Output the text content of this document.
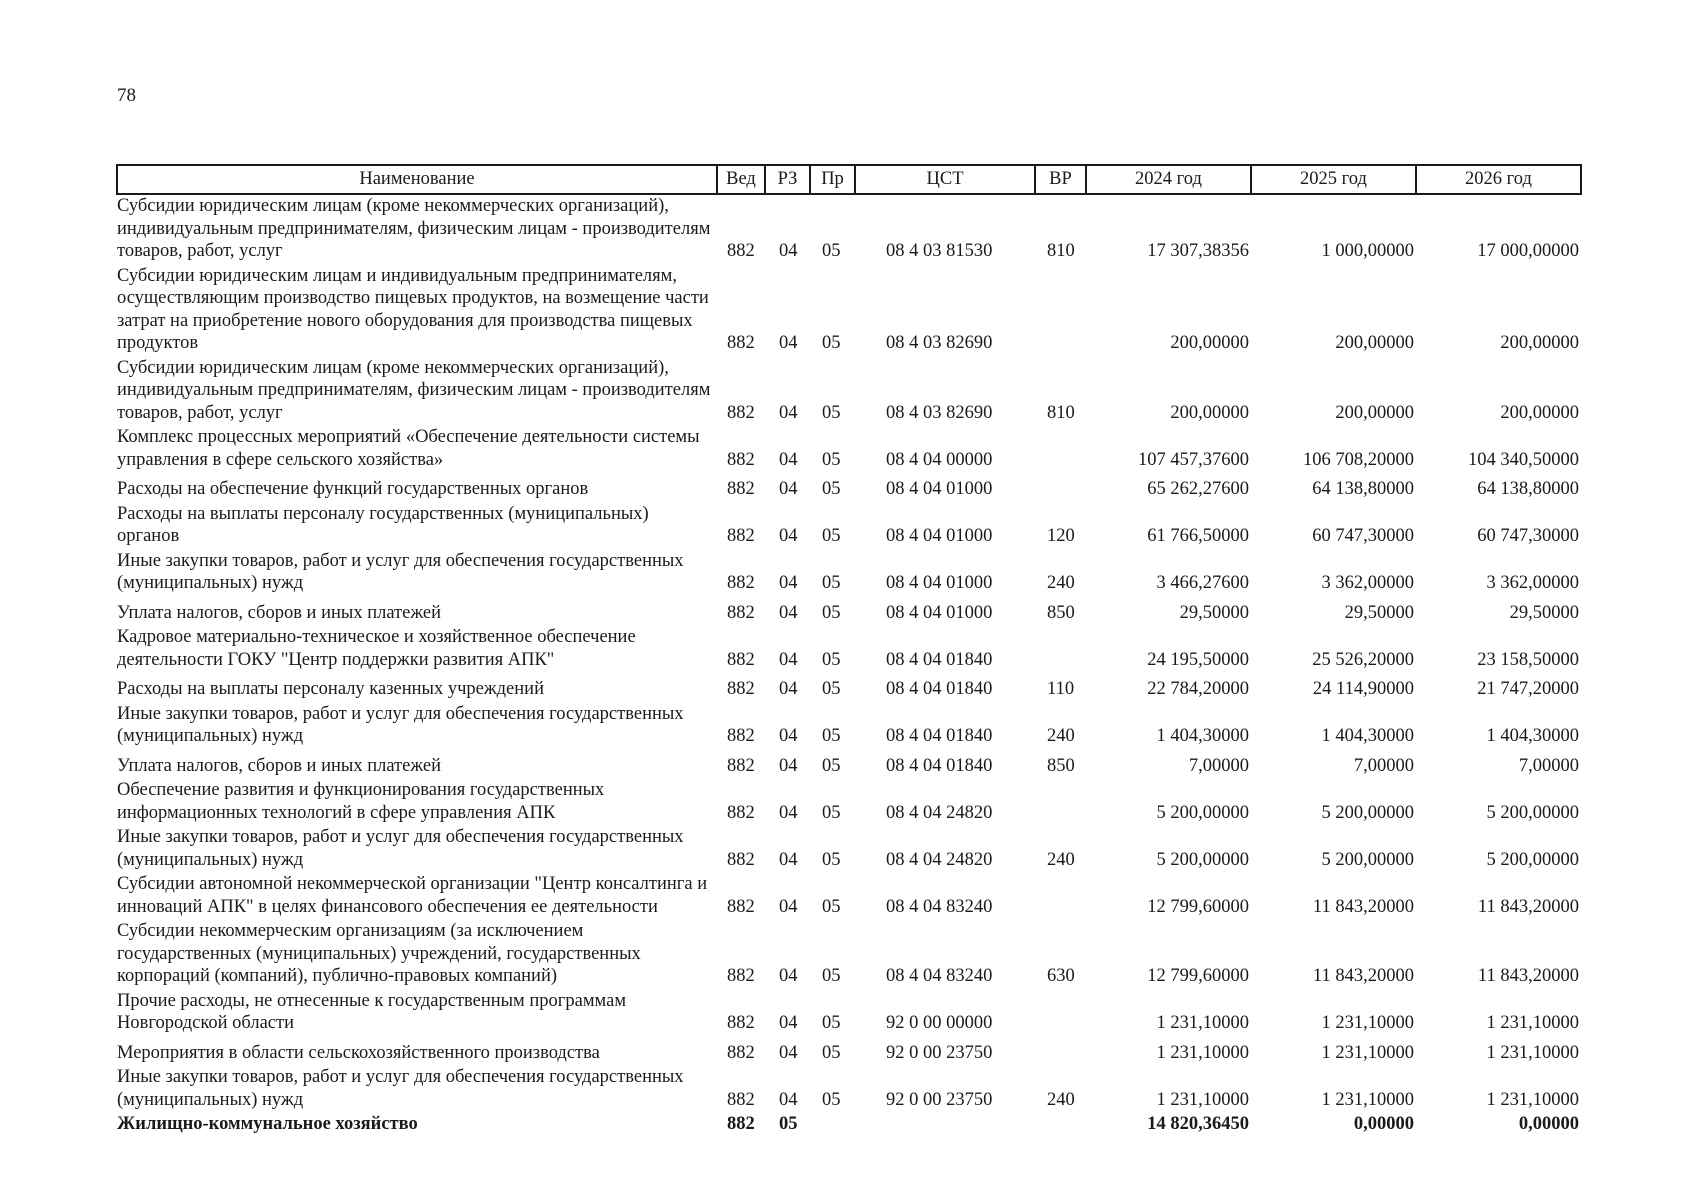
78
Наименование	Вед	РЗ	Пр	ЦСТ	ВР	2024 год	2025 год	2026 год
Субсидии юридическим лицам (кроме некоммерческих организаций), индивидуальным предпринимателям, физическим лицам - производителям товаров, работ, услуг	882	04	05	08 4 03 81530	810	17 307,38356	1 000,00000	17 000,00000
Субсидии юридическим лицам и индивидуальным предпринимателям, осуществляющим производство пищевых продуктов, на возмещение части затрат на приобретение нового оборудования для производства пищевых продуктов	882	04	05	08 4 03 82690		200,00000	200,00000	200,00000
Субсидии юридическим лицам (кроме некоммерческих организаций), индивидуальным предпринимателям, физическим лицам - производителям товаров, работ, услуг	882	04	05	08 4 03 82690	810	200,00000	200,00000	200,00000
Комплекс процессных мероприятий «Обеспечение деятельности системы управления в сфере сельского хозяйства»	882	04	05	08 4 04 00000		107 457,37600	106 708,20000	104 340,50000
Расходы на обеспечение функций государственных органов	882	04	05	08 4 04 01000		65 262,27600	64 138,80000	64 138,80000
Расходы на выплаты персоналу государственных (муниципальных) органов	882	04	05	08 4 04 01000	120	61 766,50000	60 747,30000	60 747,30000
Иные закупки товаров, работ и услуг для обеспечения государственных (муниципальных) нужд	882	04	05	08 4 04 01000	240	3 466,27600	3 362,00000	3 362,00000
Уплата налогов, сборов и иных платежей	882	04	05	08 4 04 01000	850	29,50000	29,50000	29,50000
Кадровое материально-техническое и хозяйственное обеспечение деятельности ГОКУ "Центр поддержки развития АПК"	882	04	05	08 4 04 01840		24 195,50000	25 526,20000	23 158,50000
Расходы на выплаты персоналу казенных учреждений	882	04	05	08 4 04 01840	110	22 784,20000	24 114,90000	21 747,20000
Иные закупки товаров, работ и услуг для обеспечения государственных (муниципальных) нужд	882	04	05	08 4 04 01840	240	1 404,30000	1 404,30000	1 404,30000
Уплата налогов, сборов и иных платежей	882	04	05	08 4 04 01840	850	7,00000	7,00000	7,00000
Обеспечение развития и функционирования государственных информационных технологий в сфере управления АПК	882	04	05	08 4 04 24820		5 200,00000	5 200,00000	5 200,00000
Иные закупки товаров, работ и услуг для обеспечения государственных (муниципальных) нужд	882	04	05	08 4 04 24820	240	5 200,00000	5 200,00000	5 200,00000
Субсидии автономной некоммерческой организации "Центр консалтинга и инноваций АПК" в целях финансового обеспечения ее деятельности	882	04	05	08 4 04 83240		12 799,60000	11 843,20000	11 843,20000
Субсидии некоммерческим организациям (за исключением государственных (муниципальных) учреждений, государственных корпораций (компаний), публично-правовых компаний)	882	04	05	08 4 04 83240	630	12 799,60000	11 843,20000	11 843,20000
Прочие расходы, не отнесенные к государственным программам Новгородской области	882	04	05	92 0 00 00000		1 231,10000	1 231,10000	1 231,10000
Мероприятия в области сельскохозяйственного производства	882	04	05	92 0 00 23750		1 231,10000	1 231,10000	1 231,10000
Иные закупки товаров, работ и услуг для обеспечения государственных (муниципальных) нужд	882	04	05	92 0 00 23750	240	1 231,10000	1 231,10000	1 231,10000
Жилищно-коммунальное хозяйство	882	05				14 820,36450	0,00000	0,00000
